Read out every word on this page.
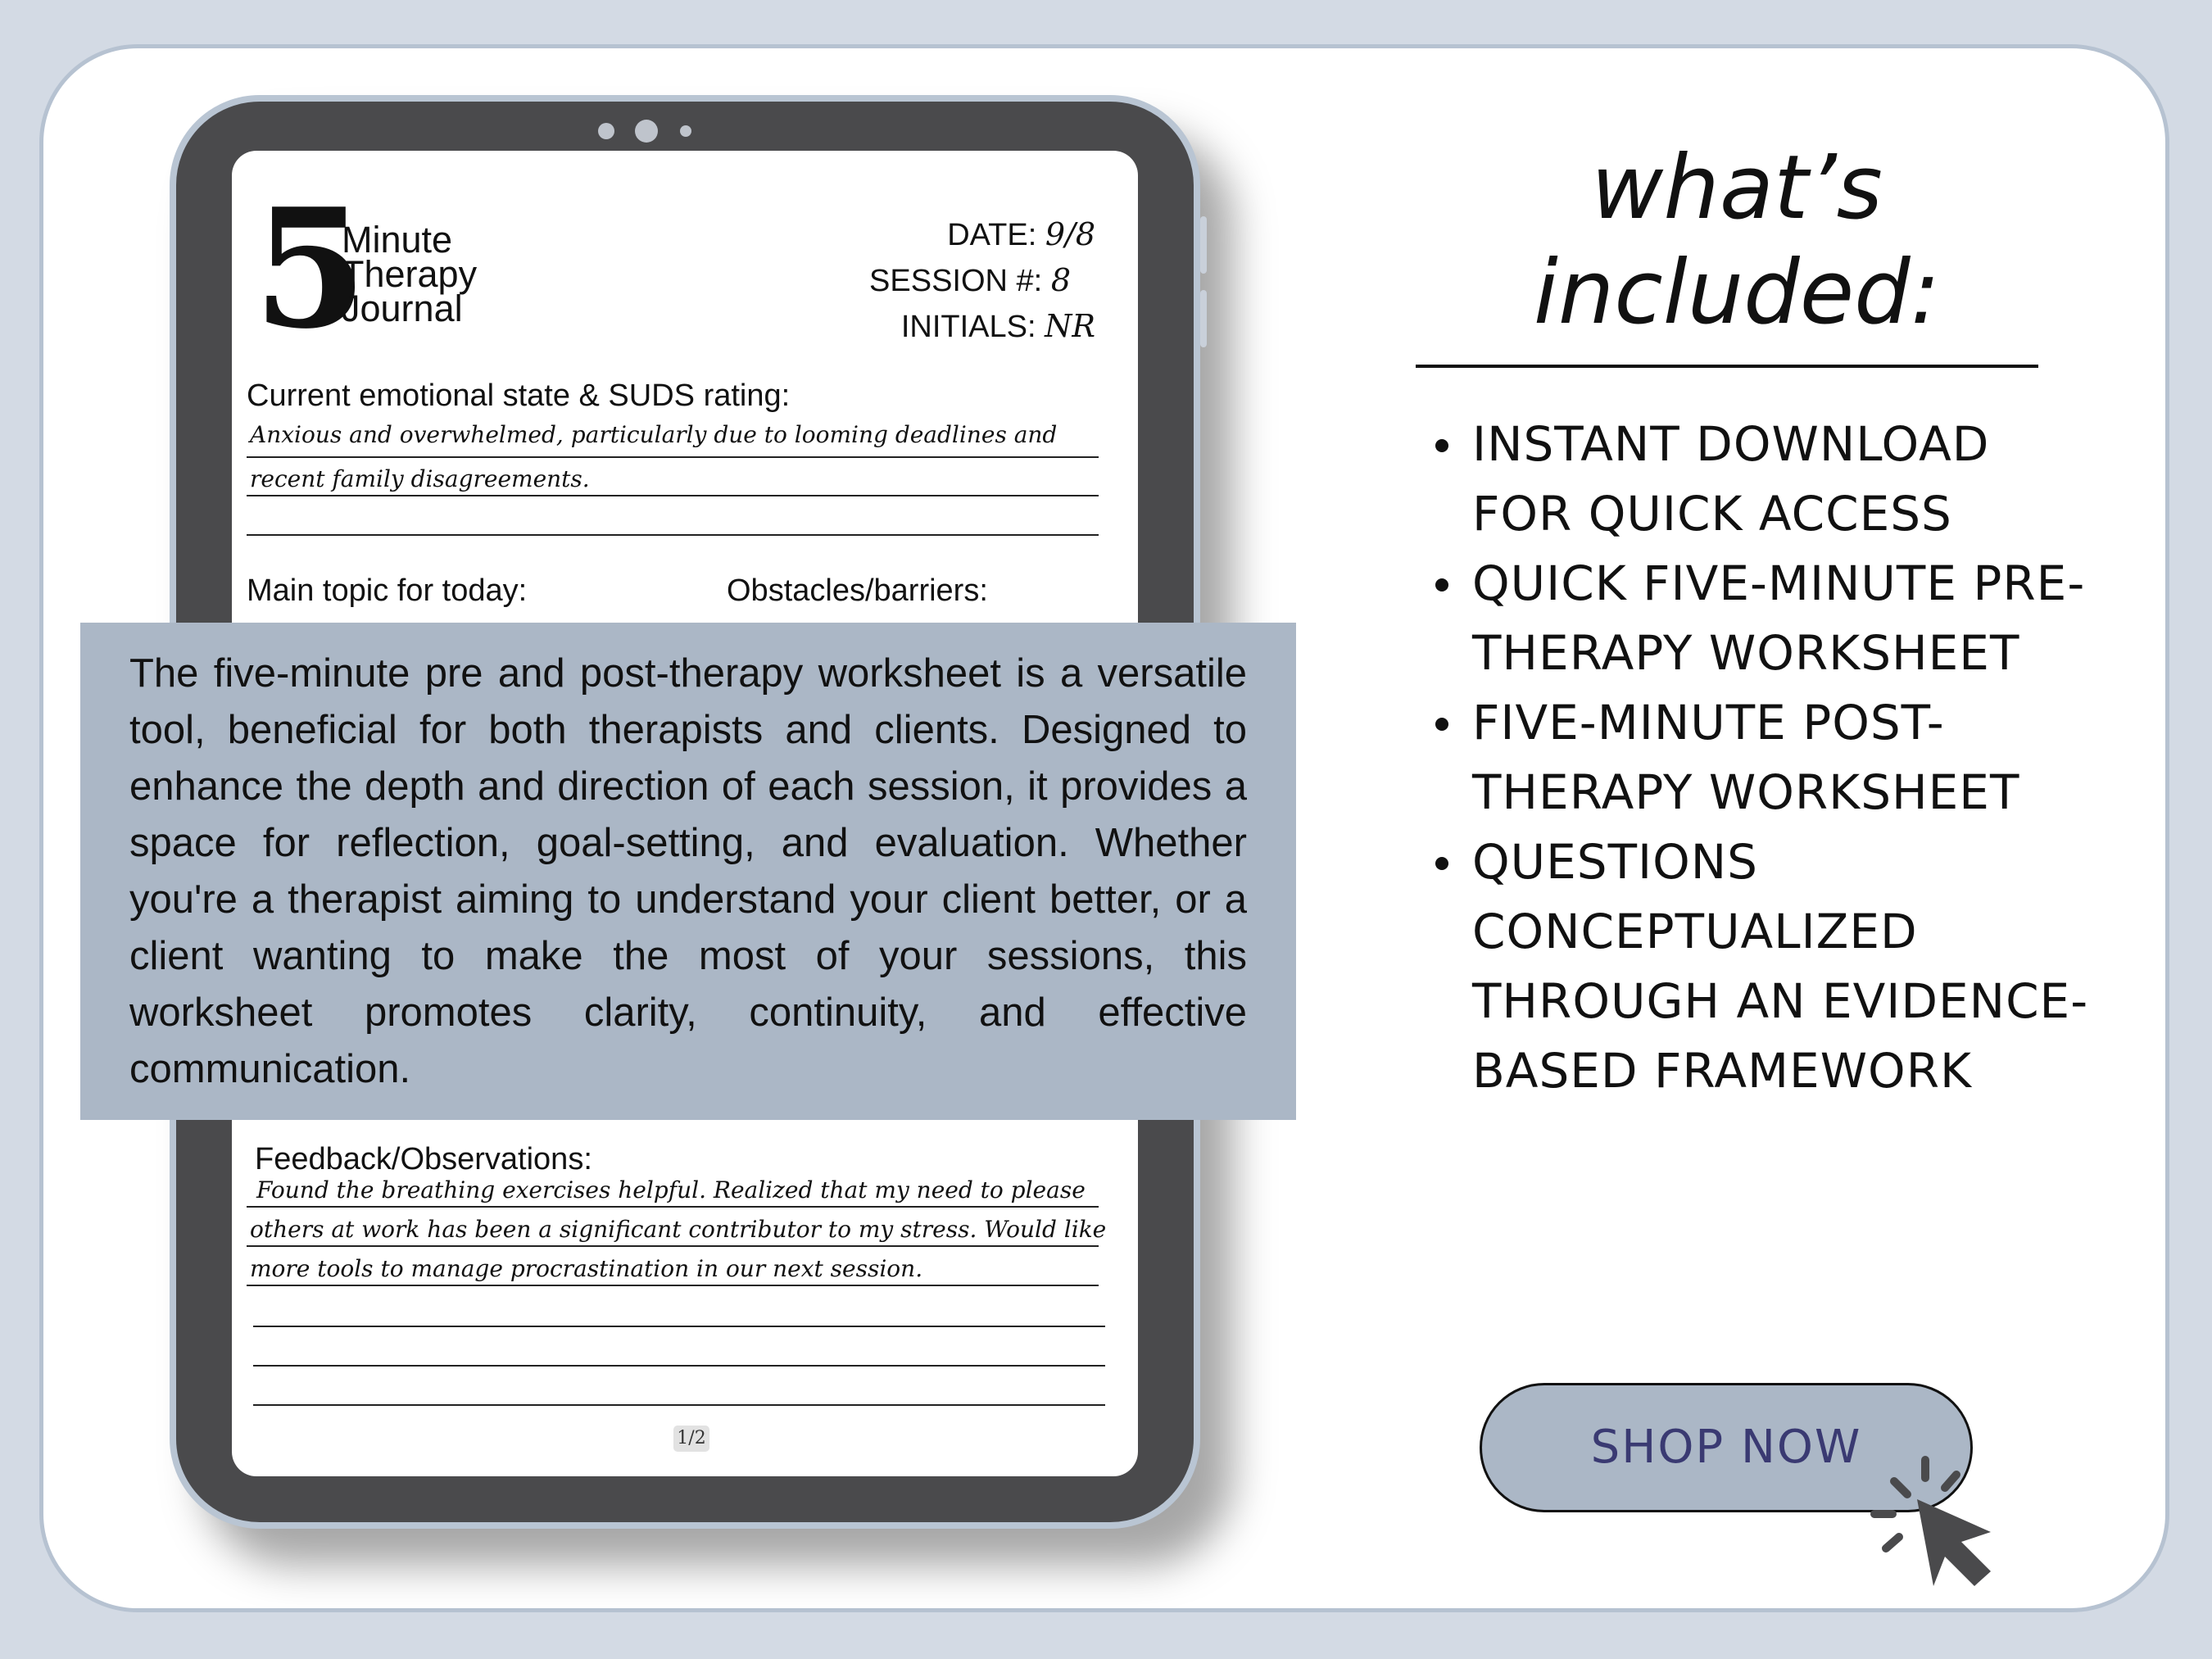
5
Minute
Therapy
Journal
DATE: 9/8
SESSION #: 8
INITIALS: NR
Current emotional state & SUDS rating:
Anxious and overwhelmed, particularly due to looming deadlines and
recent family disagreements.
Main topic for today:	Obstacles/barriers:
Feedback/Observations:
Found the breathing exercises helpful. Realized that my need to please
others at work has been a significant contributor to my stress. Would like
more tools to manage procrastination in our next session.
1/2

The five-minute pre and post-therapy worksheet is a versatile tool, beneficial for both therapists and clients. Designed to enhance the depth and direction of each session, it provides a space for reflection, goal-setting, and evaluation. Whether you're a therapist aiming to understand your client better, or a client wanting to make the most of your sessions, this worksheet promotes clarity, continuity, and effective communication.

what’s
included:
INSTANT DOWNLOAD FOR QUICK ACCESS
QUICK FIVE-MINUTE PRE-THERAPY WORKSHEET
FIVE-MINUTE POST-THERAPY WORKSHEET
QUESTIONS CONCEPTUALIZED THROUGH AN EVIDENCE-BASED FRAMEWORK
SHOP NOW
